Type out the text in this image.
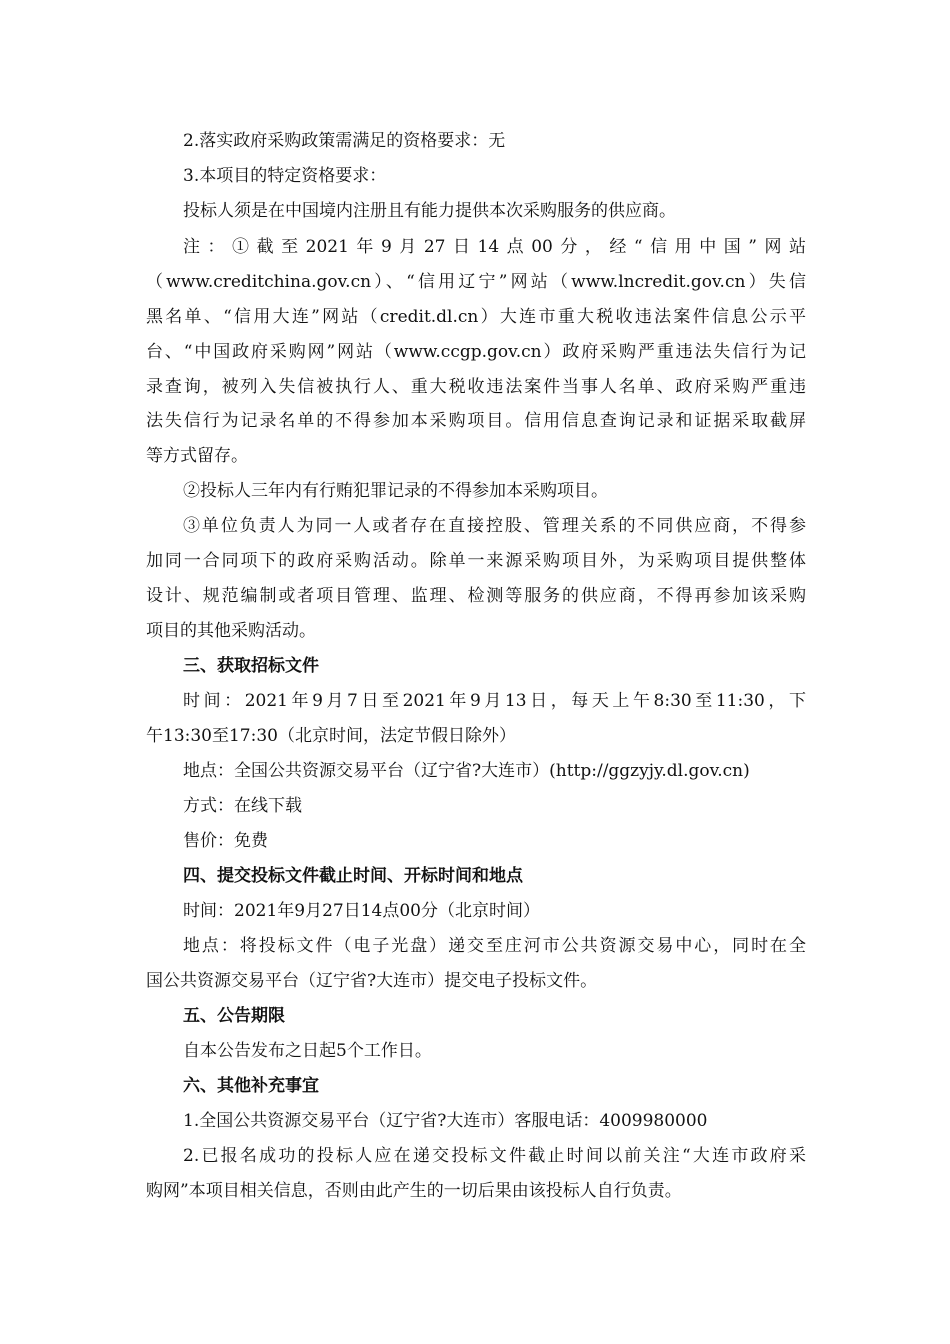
2.落实政府采购政策需满足的资格要求：无
3.本项目的特定资格要求：
投标人须是在中国境内注册且有能力提供本次采购服务的供应商。
注：①截至2021年9月27日14点00分，经“信用中国”网站
（www.creditchina.gov.cn）、“信用辽宁”网站（www.lncredit.gov.cn）失信
黑名单、“信用大连”网站（credit.dl.cn）大连市重大税收违法案件信息公示平
台、“中国政府采购网”网站（www.ccgp.gov.cn）政府采购严重违法失信行为记
录查询，被列入失信被执行人、重大税收违法案件当事人名单、政府采购严重违
法失信行为记录名单的不得参加本采购项目。信用信息查询记录和证据采取截屏
等方式留存。
②投标人三年内有行贿犯罪记录的不得参加本采购项目。
③单位负责人为同一人或者存在直接控股、管理关系的不同供应商，不得参
加同一合同项下的政府采购活动。除单一来源采购项目外，为采购项目提供整体
设计、规范编制或者项目管理、监理、检测等服务的供应商，不得再参加该采购
项目的其他采购活动。
三、获取招标文件
时间：2021年9月7日至2021年9月13日，每天上午8:30至11:30，下
午13:30至17:30（北京时间，法定节假日除外）
地点：全国公共资源交易平台（辽宁省?大连市）(http://ggzyjy.dl.gov.cn)
方式：在线下载
售价：免费
四、提交投标文件截止时间、开标时间和地点
时间：2021年9月27日14点00分（北京时间）
地点：将投标文件（电子光盘）递交至庄河市公共资源交易中心，同时在全
国公共资源交易平台（辽宁省?大连市）提交电子投标文件。
五、公告期限
自本公告发布之日起5个工作日。
六、其他补充事宜
1.全国公共资源交易平台（辽宁省?大连市）客服电话：4009980000
2.已报名成功的投标人应在递交投标文件截止时间以前关注“大连市政府采
购网”本项目相关信息，否则由此产生的一切后果由该投标人自行负责。
